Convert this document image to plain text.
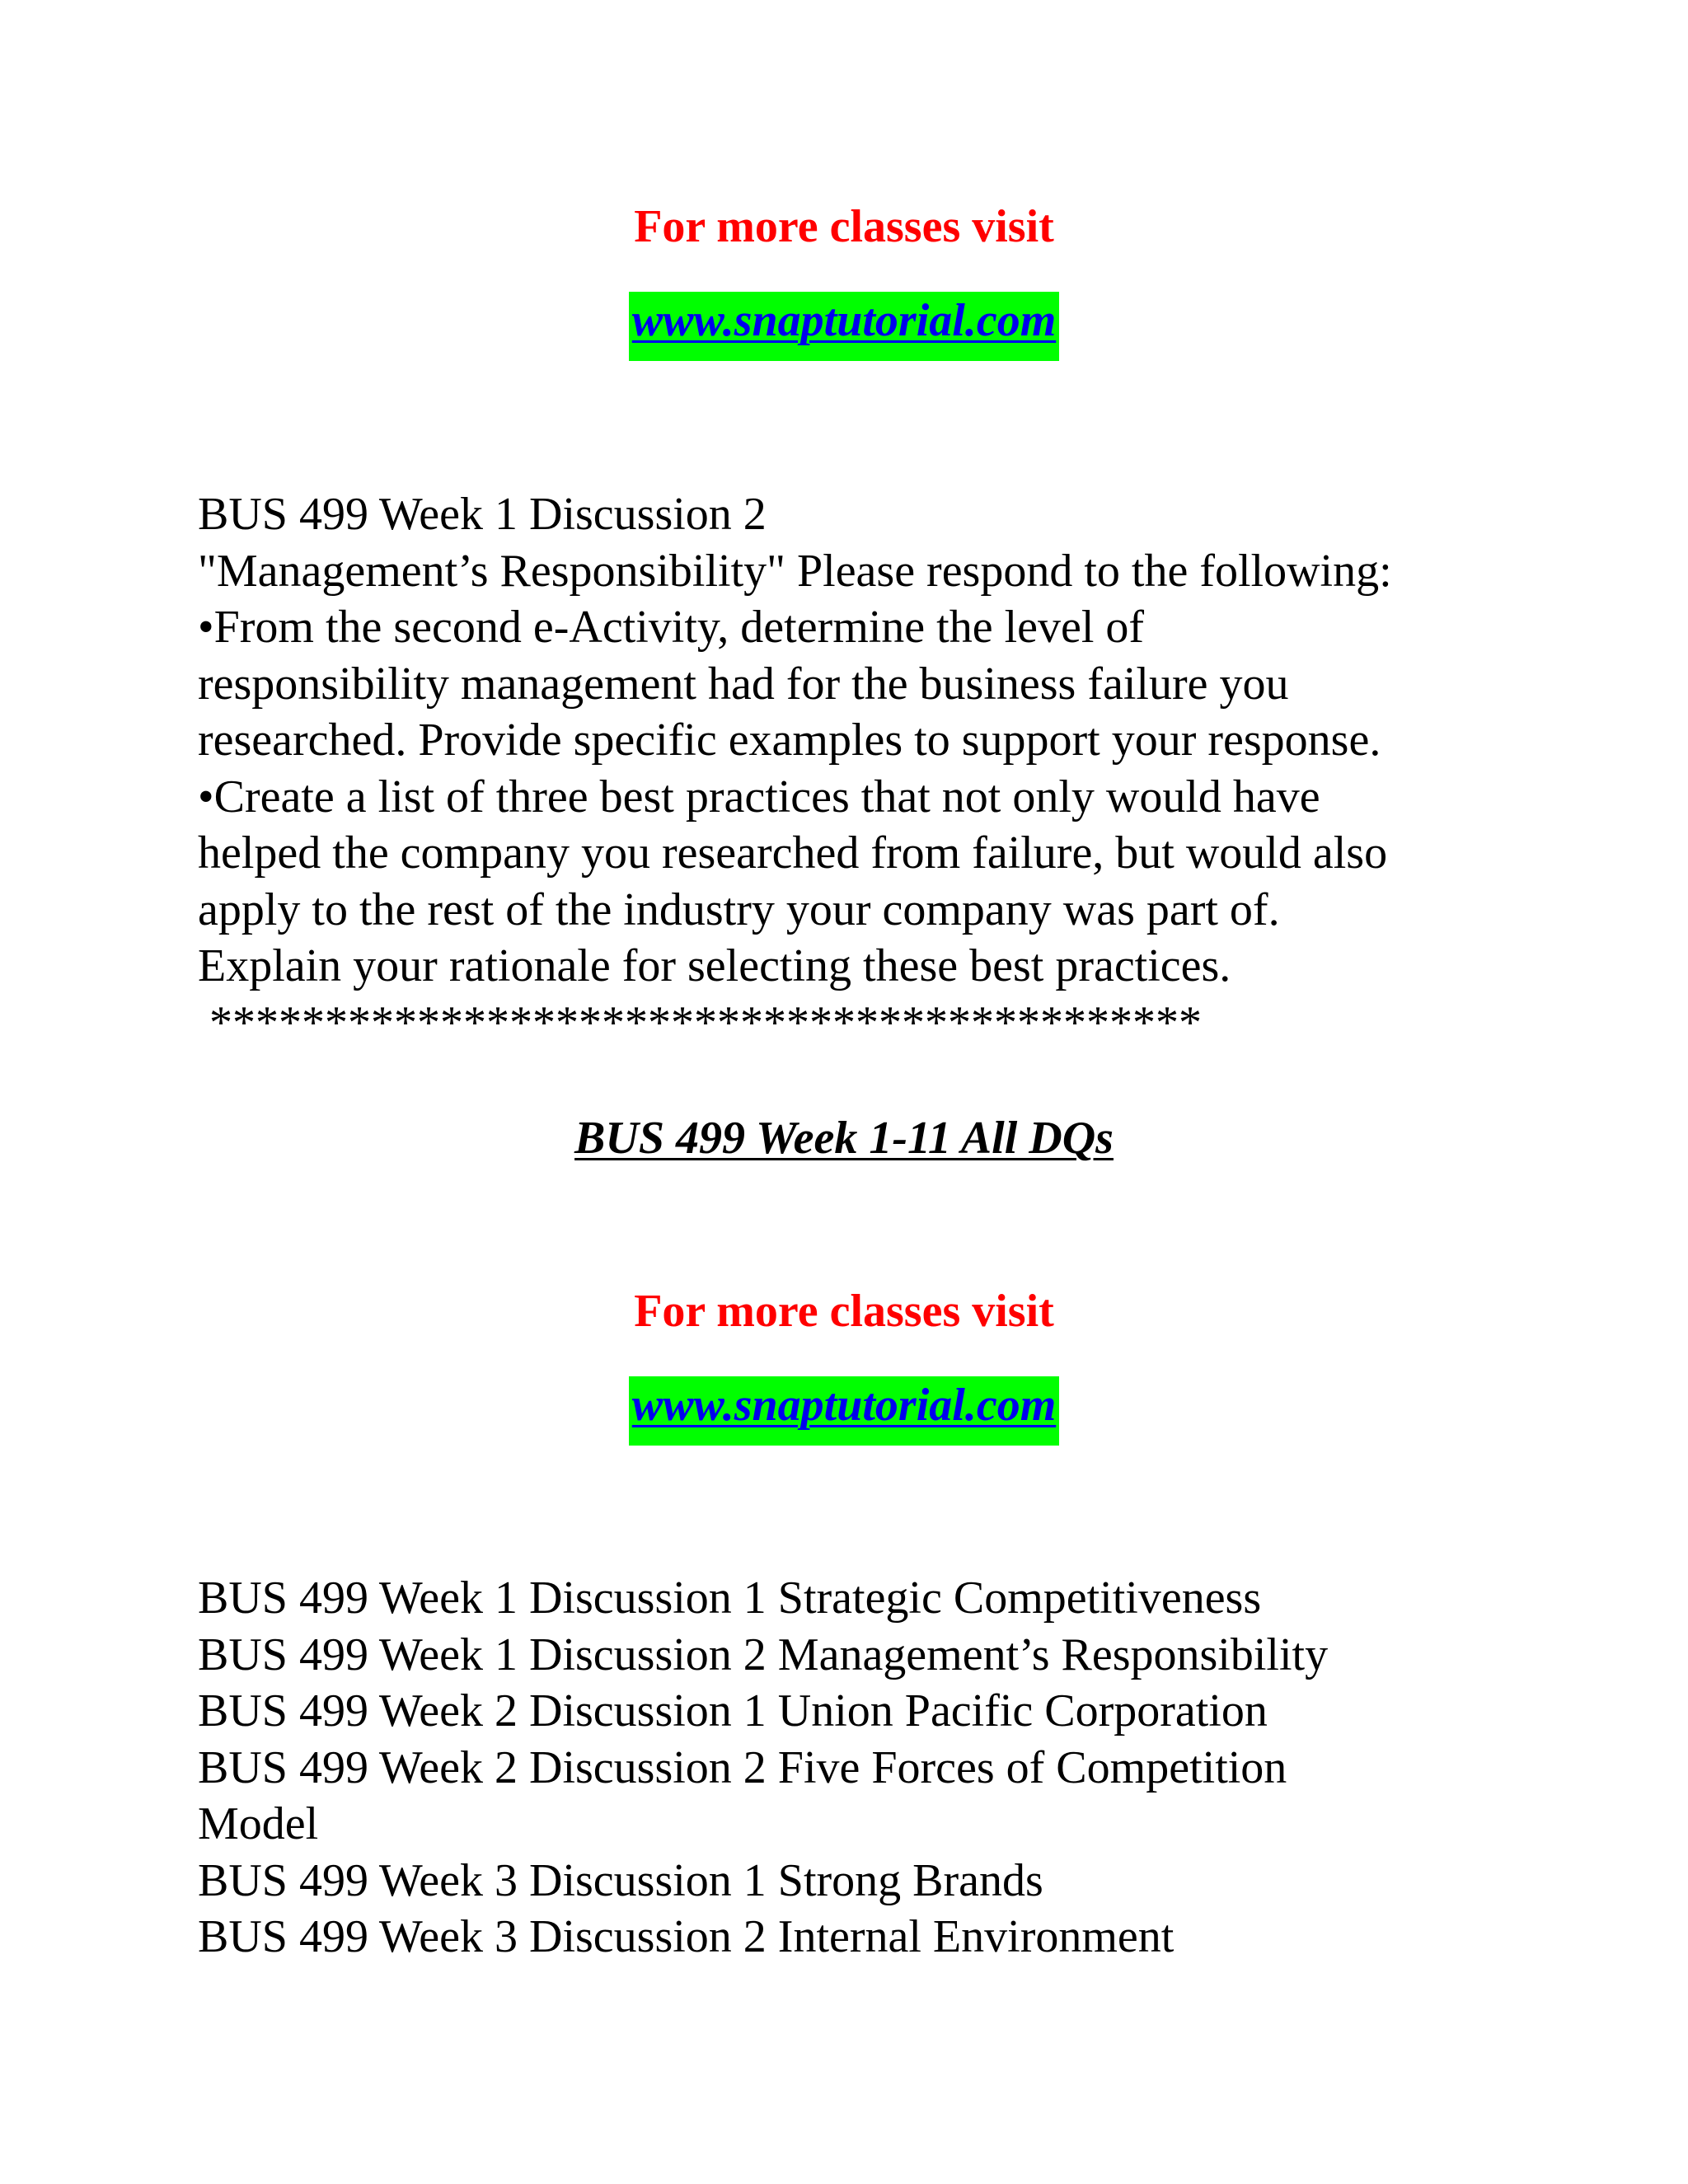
For more classes visit
www.snaptutorial.com
BUS 499 Week 1 Discussion 2
"Management’s Responsibility" Please respond to the following:
•From the second e-Activity, determine the level of
responsibility management had for the business failure you
researched. Provide specific examples to support your response.
•Create a list of three best practices that not only would have
helped the company you researched from failure, but would also
apply to the rest of the industry your company was part of.
Explain your rationale for selecting these best practices.
*******************************************
BUS 499 Week 1-11 All DQs
For more classes visit
www.snaptutorial.com
BUS 499 Week 1 Discussion 1 Strategic Competitiveness
BUS 499 Week 1 Discussion 2 Management’s Responsibility
BUS 499 Week 2 Discussion 1 Union Pacific Corporation
BUS 499 Week 2 Discussion 2 Five Forces of Competition
Model
BUS 499 Week 3 Discussion 1 Strong Brands
BUS 499 Week 3 Discussion 2 Internal Environment
